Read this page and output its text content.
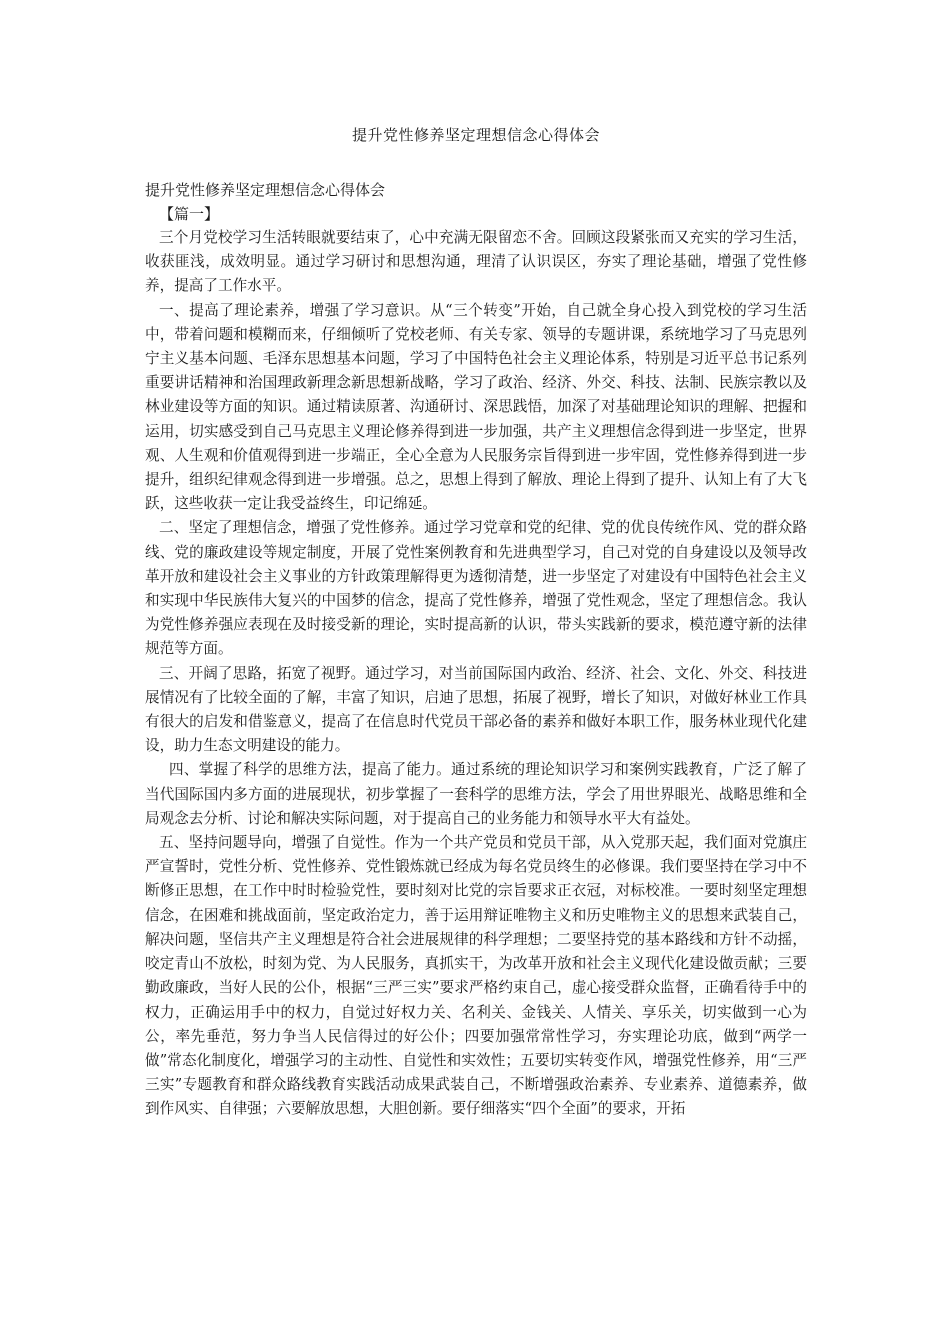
提升党性修养坚定理想信念心得体会
提升党性修养坚定理想信念心得体会
【篇一】

三个月党校学习生活转眼就要结束了，心中充满无限留恋不舍。回顾这段紧张而又充实的学习生活，收获匪浅，成效明显。通过学习研讨和思想沟通，理清了认识误区，夯实了理论基础，增强了党性修养，提高了工作水平。

一、提高了理论素养，增强了学习意识。从“三个转变”开始，自己就全身心投入到党校的学习生活中，带着问题和模糊而来，仔细倾听了党校老师、有关专家、领导的专题讲课，系统地学习了马克思列宁主义基本问题、毛泽东思想基本问题，学习了中国特色社会主义理论体系，特别是习近平总书记系列重要讲话精神和治国理政新理念新思想新战略，学习了政治、经济、外交、科技、法制、民族宗教以及林业建设等方面的知识。通过精读原著、沟通研讨、深思践悟，加深了对基础理论知识的理解、把握和运用，切实感受到自己马克思主义理论修养得到进一步加强，共产主义理想信念得到进一步坚定，世界观、人生观和价值观得到进一步端正，全心全意为人民服务宗旨得到进一步牢固，党性修养得到进一步提升，组织纪律观念得到进一步增强。总之，思想上得到了解放、理论上得到了提升、认知上有了大飞跃，这些收获一定让我受益终生，印记绵延。

二、坚定了理想信念，增强了党性修养。通过学习党章和党的纪律、党的优良传统作风、党的群众路线、党的廉政建设等规定制度，开展了党性案例教育和先进典型学习，自己对党的自身建设以及领导改革开放和建设社会主义事业的方针政策理解得更为透彻清楚，进一步坚定了对建设有中国特色社会主义和实现中华民族伟大复兴的中国梦的信念，提高了党性修养，增强了党性观念，坚定了理想信念。我认为党性修养强应表现在及时接受新的理论，实时提高新的认识，带头实践新的要求，模范遵守新的法律规范等方面。

三、开阔了思路，拓宽了视野。通过学习，对当前国际国内政治、经济、社会、文化、外交、科技进展情况有了比较全面的了解，丰富了知识，启迪了思想，拓展了视野，增长了知识，对做好林业工作具有很大的启发和借鉴意义，提高了在信息时代党员干部必备的素养和做好本职工作，服务林业现代化建设，助力生态文明建设的能力。

四、掌握了科学的思维方法，提高了能力。通过系统的理论知识学习和案例实践教育，广泛了解了当代国际国内多方面的进展现状，初步掌握了一套科学的思维方法，学会了用世界眼光、战略思维和全局观念去分析、讨论和解决实际问题，对于提高自己的业务能力和领导水平大有益处。

五、坚持问题导向，增强了自觉性。作为一个共产党员和党员干部，从入党那天起，我们面对党旗庄严宣誓时，党性分析、党性修养、党性锻炼就已经成为每名党员终生的必修课。我们要坚持在学习中不断修正思想，在工作中时时检验党性，要时刻对比党的宗旨要求正衣冠，对标校准。一要时刻坚定理想信念，在困难和挑战面前，坚定政治定力，善于运用辩证唯物主义和历史唯物主义的思想来武装自己，解决问题，坚信共产主义理想是符合社会进展规律的科学理想；二要坚持党的基本路线和方针不动摇，咬定青山不放松，时刻为党、为人民服务，真抓实干，为改革开放和社会主义现代化建设做贡献；三要勤政廉政，当好人民的公仆，根据“三严三实”要求严格约束自己，虚心接受群众监督，正确看待手中的权力，正确运用手中的权力，自觉过好权力关、名利关、金钱关、人情关、享乐关，切实做到一心为公，率先垂范，努力争当人民信得过的好公仆；四要加强常常性学习，夯实理论功底，做到“两学一做”常态化制度化，增强学习的主动性、自觉性和实效性；五要切实转变作风，增强党性修养，用“三严三实”专题教育和群众路线教育实践活动成果武装自己，不断增强政治素养、专业素养、道德素养，做到作风实、自律强；六要解放思想，大胆创新。要仔细落实“四个全面”的要求，开拓
